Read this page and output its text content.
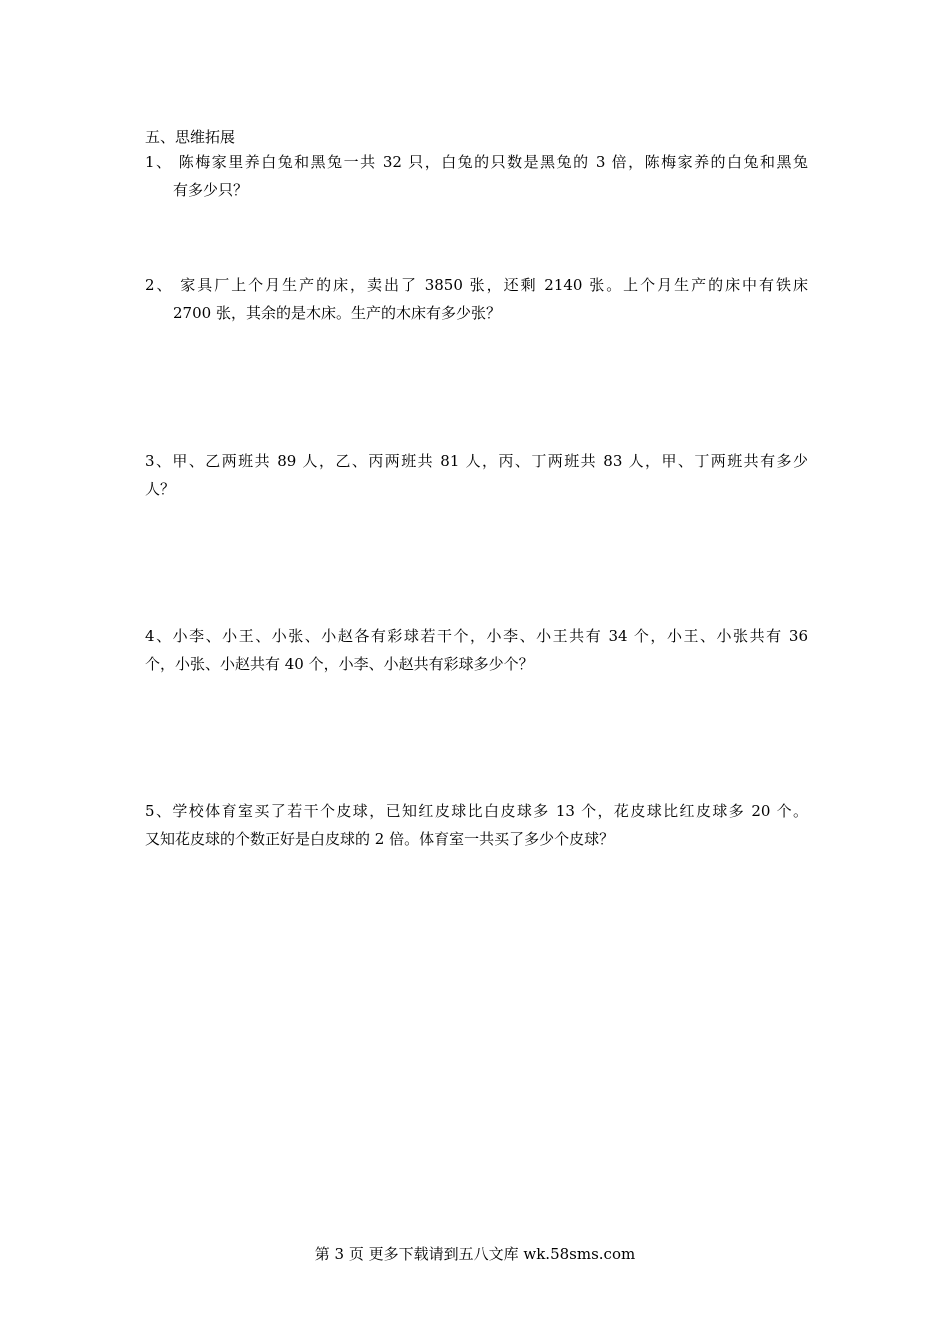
五、思维拓展
1、 陈梅家里养白兔和黑兔一共 32 只，白兔的只数是黑兔的 3 倍，陈梅家养的白兔和黑兔
有多少只？
2、 家具厂上个月生产的床，卖出了 3850 张，还剩 2140 张。上个月生产的床中有铁床
2700 张，其余的是木床。生产的木床有多少张？
3、甲、乙两班共 89 人，乙、丙两班共 81 人，丙、丁两班共 83 人，甲、丁两班共有多少
人？
4、小李、小王、小张、小赵各有彩球若干个，小李、小王共有 34 个，小王、小张共有 36
个，小张、小赵共有 40 个，小李、小赵共有彩球多少个？
5、学校体育室买了若干个皮球，已知红皮球比白皮球多 13 个，花皮球比红皮球多 20 个。
又知花皮球的个数正好是白皮球的 2 倍。体育室一共买了多少个皮球？
第 3 页 更多下载请到五八文库 wk.58sms.com
